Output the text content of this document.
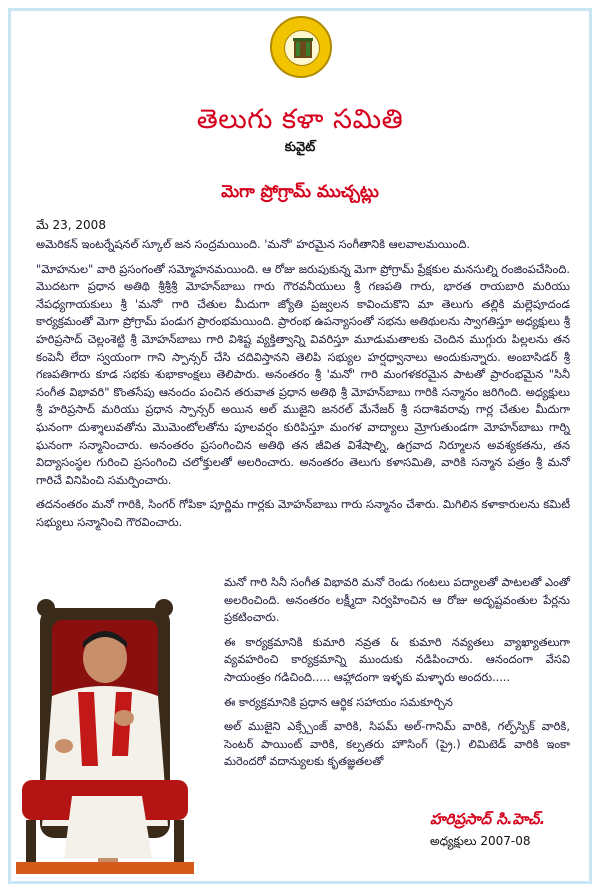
తెలుగు కళా సమితి
కువైట్
మెగా ప్రోగ్రామ్ ముచ్చట్లు
మే 23, 2008

అమెరికన్ ఇంటర్నేషనల్ స్కూల్ జన సంద్రమయింది. 'మనో' హరమైన సంగీతానికి ఆలవాలమయింది.

"మోహనుల" వారి ప్రసంగంతో సమ్మోహనమయింది. ఆ రోజు జరుపుకున్న మెగా ప్రోగ్రామ్ ప్రేక్షకుల మనసుల్ని రంజింపచేసింది. మొదటగా ప్రధాన అతిథి శ్రీశ్రీశ్రీ మోహన్‌బాబు గారు గౌరవనీయులు శ్రీ గణపతి గారు, భారత రాయబారి మరియు నేపధ్యగాయకులు శ్రీ 'మనో' గారి చేతుల మీదుగా జ్యోతి ప్రజ్వలన కావించుకొని మా తెలుగు తల్లికి మల్లెపూదండ కార్యక్రమంతో మెగా ప్రోగ్రామ్ పండుగ ప్రారంభమయింది. ప్రారంభ ఉపన్యాసంతో సభను అతిథులను స్వాగతిస్తూ అధ్యక్షులు శ్రీ హరిప్రసాద్ చెల్లంశెట్టి శ్రీ మోహన్‌బాబు గారి విశిష్ట వ్యక్తిత్వాన్ని వివరిస్తూ మూడుమతాలకు చెందిన ముగ్గురు పిల్లలను తన కంపెనీ లేదా స్వయంగా గాని స్పాన్సర్ చేసి చదివిస్తానని తెలిపి సభ్యుల హర్షధ్వానాలు అందుకున్నారు. అంబాసిడర్ శ్రీ గణపతిగారు కూడ సభకు శుభాకాంక్షలు తెలిపారు. అనంతరం శ్రీ 'మనో' గారి మంగళకరమైన పాటతో ప్రారంభమైన "సినీ సంగీత విభావరి" కొంతసేపు ఆనందం పంచిన తరువాత ప్రధాన అతిథి శ్రీ మోహన్‌బాబు గారికి సన్మానం జరిగింది. అధ్యక్షులు శ్రీ హరిప్రసాద్ మరియు ప్రధాన స్పాన్సర్ అయిన అల్ ముజైని జనరల్ మేనేజర్ శ్రీ సదాశివరావు గార్ల చేతుల మీదుగా ఘనంగా దుశ్శాలువతోను మొమెంటోలతోను పూలవర్షం కురిపిస్తూ మంగళ వాద్యాలు మ్రోగుతుండగా మోహన్‌బాబు గార్ని ఘనంగా సన్మానించారు. అనంతరం ప్రసంగించిన అతిథి తన జీవిత విశేషాల్ని, ఉగ్రవాద నిర్మూలన అవశ్యకతను, తన విద్యాసంస్థల గురించి ప్రసంగించి చలోక్తులతో అలరించారు. అనంతరం తెలుగు కళాసమితి, వారికి సన్మాన పత్రం శ్రీ మనో గారిచే వినిపించి సమర్పించారు.

తదనంతరం మనో గారికి, సింగర్ గోపికా పూర్ణిమ గార్లకు మోహన్‌బాబు గారు సన్మానం చేశారు. మిగిలిన కళాకారులను కమిటీ సభ్యులు సన్మానించి గౌరవించారు.

మనో గారి సినీ సంగీత విభావరి మనో రెండు గంటలు పద్యాలతో పాటలతో ఎంతో అలరించింది. అనంతరం లక్ష్మీదా నిర్వహించిన ఆ రోజు అదృష్టవంతుల పేర్లను ప్రకటించారు.

ఈ కార్యక్రమానికి కుమారి నవ్రత & కుమారి నవ్యతలు వ్యాఖ్యాతలుగా వ్యవహరించి కార్యక్రమాన్ని ముందుకు నడిపించారు. ఆనందంగా వేసవి సాయంత్రం గడిచింది..... ఆహ్లాదంగా ఇళ్ళకు మళ్ళారు అందరు.....

ఈ కార్యక్రమానికి ప్రధాన ఆర్థిక సహాయం సమకూర్చిన

అల్ ముజైని ఎక్స్చేంజ్ వారికి, సిపమ్ అల్-గానిమ్ వారికి, గల్ఫ్‌స్పిక్ వారికి, సెంటర్ పాయింట్ వారికి, కల్పతరు హౌసింగ్ (ప్రై.) లిమిటెడ్ వారికి ఇంకా మరెందరో వదాన్యులకు కృతజ్ఞతలతో

హరిప్రసాద్ సి.హెచ్.
అధ్యక్షులు 2007-08
